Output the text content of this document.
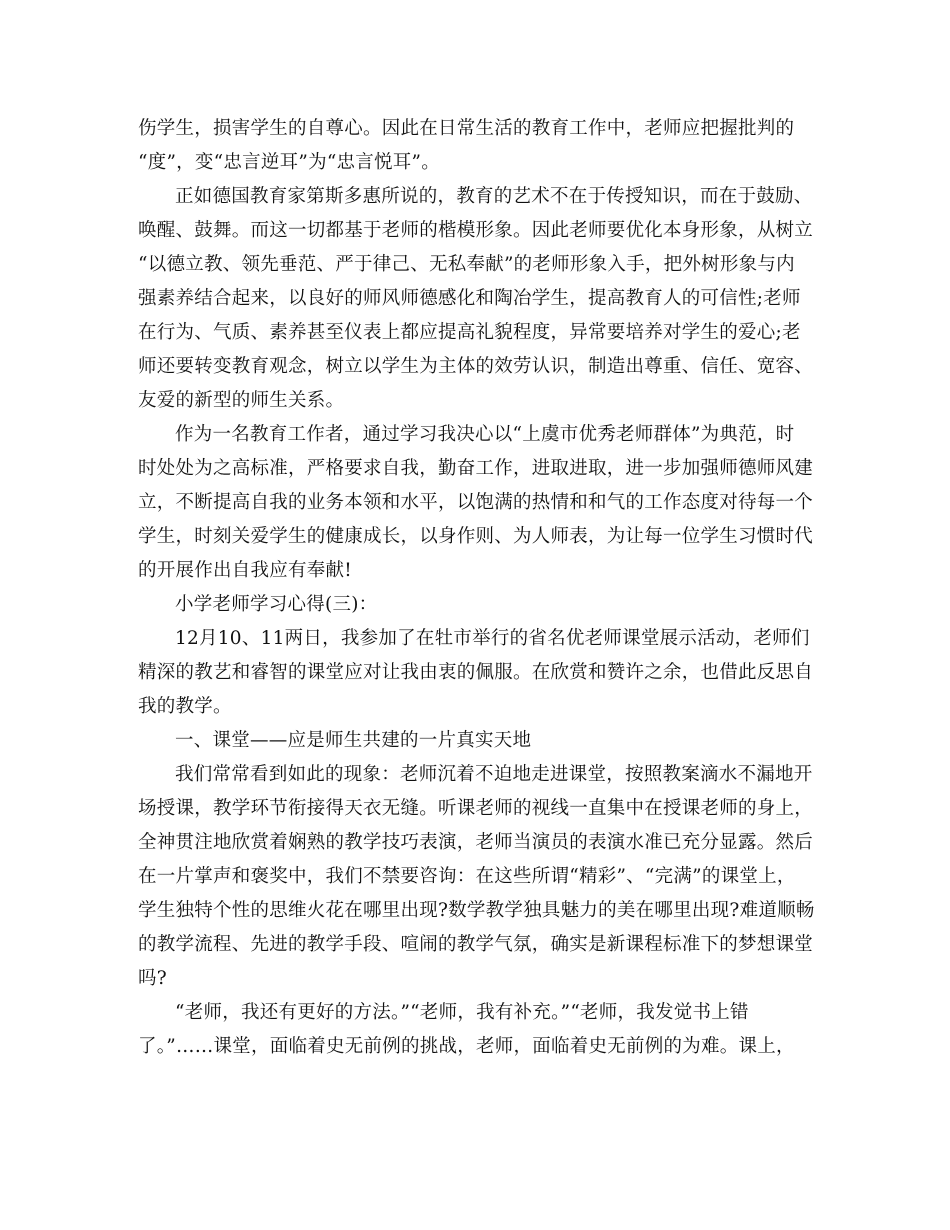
伤学生，损害学生的自尊心。因此在日常生活的教育工作中，老师应把握批判的

“度”，变“忠言逆耳”为“忠言悦耳”。

正如德国教育家第斯多惠所说的，教育的艺术不在于传授知识，而在于鼓励、

唤醒、鼓舞。而这一切都基于老师的楷模形象。因此老师要优化本身形象，从树立

“以德立教、领先垂范、严于律己、无私奉献”的老师形象入手，把外树形象与内

强素养结合起来，以良好的师风师德感化和陶冶学生，提高教育人的可信性;老师

在行为、气质、素养甚至仪表上都应提高礼貌程度，异常要培养对学生的爱心;老

师还要转变教育观念，树立以学生为主体的效劳认识，制造出尊重、信任、宽容、

友爱的新型的师生关系。

作为一名教育工作者，通过学习我决心以“上虞市优秀老师群体”为典范，时

时处处为之高标准，严格要求自我，勤奋工作，进取进取，进一步加强师德师风建

立，不断提高自我的业务本领和水平，以饱满的热情和和气的工作态度对待每一个

学生，时刻关爱学生的健康成长，以身作则、为人师表，为让每一位学生习惯时代

的开展作出自我应有奉献!

小学老师学习心得(三)：

12月10、11两日，我参加了在牡市举行的省名优老师课堂展示活动，老师们

精深的教艺和睿智的课堂应对让我由衷的佩服。在欣赏和赞许之余，也借此反思自

我的教学。

一、课堂——应是师生共建的一片真实天地

我们常常看到如此的现象：老师沉着不迫地走进课堂，按照教案滴水不漏地开

场授课，教学环节衔接得天衣无缝。听课老师的视线一直集中在授课老师的身上，

全神贯注地欣赏着娴熟的教学技巧表演，老师当演员的表演水准已充分显露。然后

在一片掌声和褒奖中，我们不禁要咨询：在这些所谓“精彩”、“完满”的课堂上，

学生独特个性的思维火花在哪里出现?数学教学独具魅力的美在哪里出现?难道顺畅

的教学流程、先进的教学手段、喧闹的教学气氛，确实是新课程标准下的梦想课堂

吗?

“老师，我还有更好的方法。”“老师，我有补充。”“老师，我发觉书上错

了。”……课堂，面临着史无前例的挑战，老师，面临着史无前例的为难。课上，
